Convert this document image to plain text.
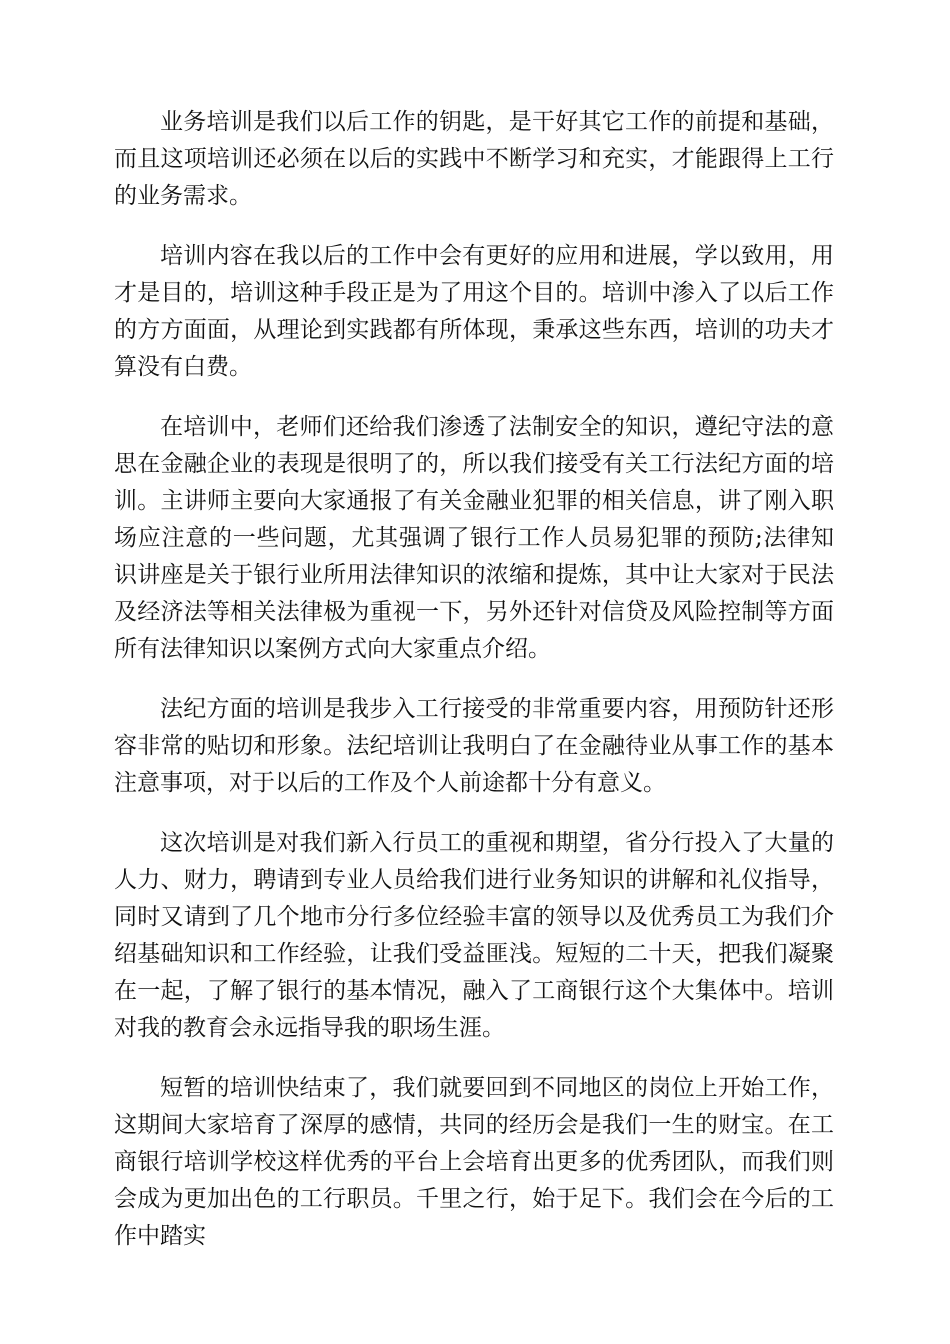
业务培训是我们以后工作的钥匙，是干好其它工作的前提和基础，而且这项培训还必须在以后的实践中不断学习和充实，才能跟得上工行的业务需求。

培训内容在我以后的工作中会有更好的应用和进展，学以致用，用才是目的，培训这种手段正是为了用这个目的。培训中渗入了以后工作的方方面面，从理论到实践都有所体现，秉承这些东西，培训的功夫才算没有白费。

在培训中，老师们还给我们渗透了法制安全的知识，遵纪守法的意思在金融企业的表现是很明了的，所以我们接受有关工行法纪方面的培训。主讲师主要向大家通报了有关金融业犯罪的相关信息，讲了刚入职场应注意的一些问题，尤其强调了银行工作人员易犯罪的预防;法律知识讲座是关于银行业所用法律知识的浓缩和提炼，其中让大家对于民法及经济法等相关法律极为重视一下，另外还针对信贷及风险控制等方面所有法律知识以案例方式向大家重点介绍。

法纪方面的培训是我步入工行接受的非常重要内容，用预防针还形容非常的贴切和形象。法纪培训让我明白了在金融待业从事工作的基本注意事项，对于以后的工作及个人前途都十分有意义。

这次培训是对我们新入行员工的重视和期望，省分行投入了大量的人力、财力，聘请到专业人员给我们进行业务知识的讲解和礼仪指导，同时又请到了几个地市分行多位经验丰富的领导以及优秀员工为我们介绍基础知识和工作经验，让我们受益匪浅。短短的二十天，把我们凝聚在一起，了解了银行的基本情况，融入了工商银行这个大集体中。培训对我的教育会永远指导我的职场生涯。

短暂的培训快结束了，我们就要回到不同地区的岗位上开始工作，这期间大家培育了深厚的感情，共同的经历会是我们一生的财宝。在工商银行培训学校这样优秀的平台上会培育出更多的优秀团队，而我们则会成为更加出色的工行职员。千里之行，始于足下。我们会在今后的工作中踏实
